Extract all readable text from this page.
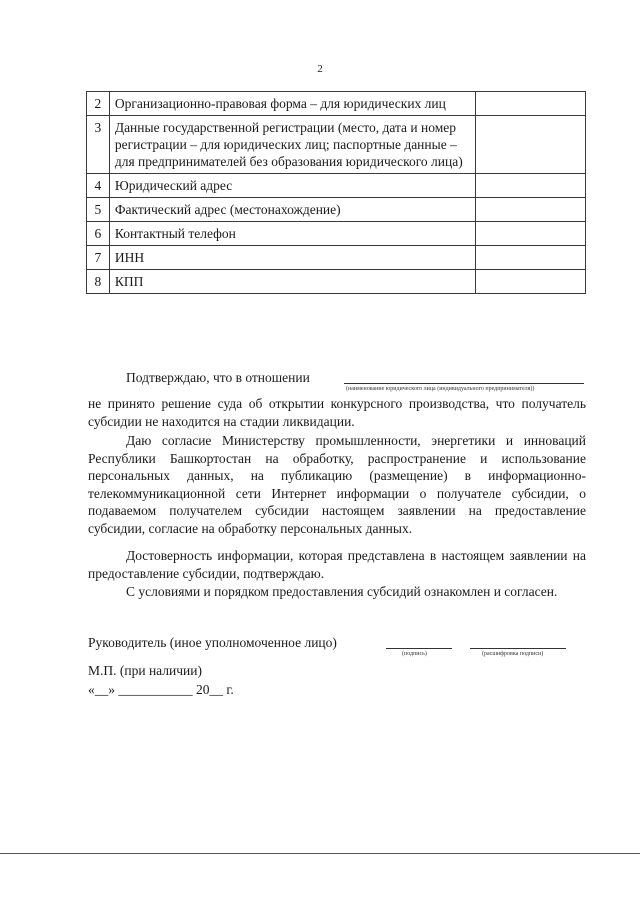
2
2	Организационно-правовая форма – для юридических лиц	
3	Данные государственной регистрации (место, дата и номер регистрации – для юридических лиц; паспортные данные – для предпринимателей без образования юридического лица)	
4	Юридический адрес	
5	Фактический адрес (местонахождение)	
6	Контактный телефон	
7	ИНН	
8	КПП	
Подтверждаю, что в отношении
(наименование юридического лица (индивидуального предпринимателя))
не принято решение суда об открытии конкурсного производства, что получатель субсидии не находится на стадии ликвидации.
Даю согласие Министерству промышленности, энергетики и инноваций Республики Башкортостан на обработку, распространение и использование персональных данных, на публикацию (размещение) в информационно-телекоммуникационной сети Интернет информации о получателе субсидии, о подаваемом получателем субсидии настоящем заявлении на предоставление субсидии, согласие на обработку персональных данных.
Достоверность информации, которая представлена в настоящем заявлении на предоставление субсидии, подтверждаю.
С условиями и порядком предоставления субсидий ознакомлен и согласен.
Руководитель (иное уполномоченное лицо)
(подпись)	(расшифровка подписи)
М.П. (при наличии)
«__» ___________ 20__ г.
